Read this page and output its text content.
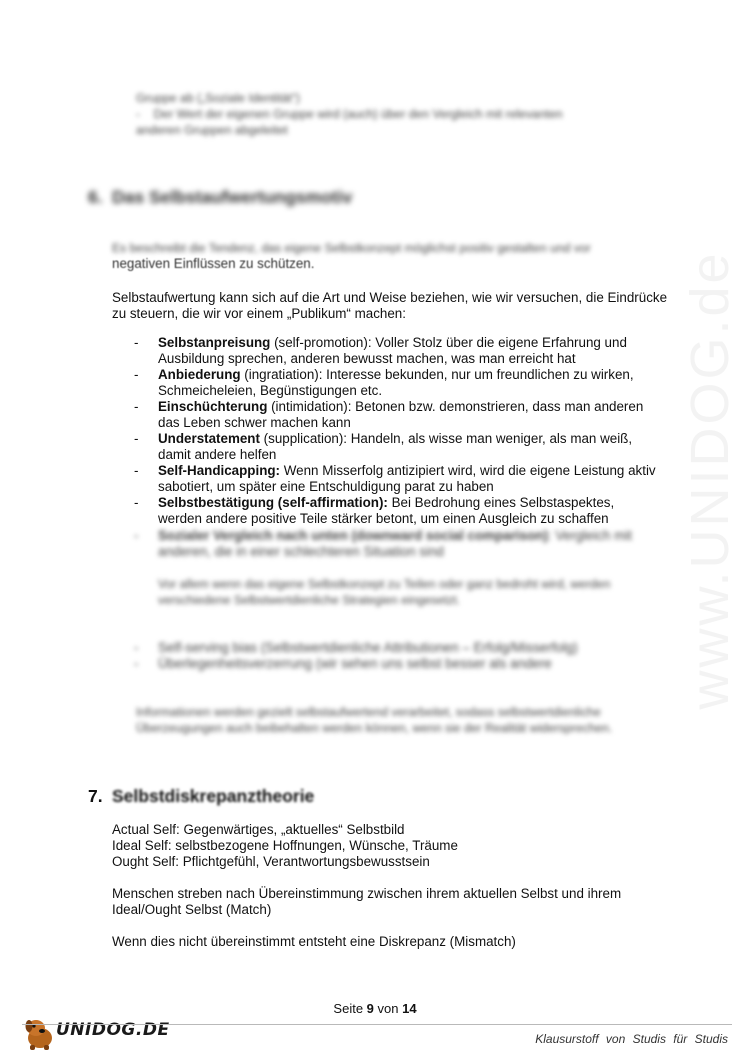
www.UNIDOG.de

Gruppe ab („Soziale Identität“)

- Der Wert der eigenen Gruppe wird (auch) über den Vergleich mit relevanten

anderen Gruppen abgeleitet

6. Das Selbstaufwertungsmotiv

Es beschreibt die Tendenz, das eigene Selbstkonzept möglichst positiv gestalten und vor

negativen Einflüssen zu schützen.

Selbstaufwertung kann sich auf die Art und Weise beziehen, wie wir versuchen, die Eindrücke zu steuern, die wir vor einem „Publikum“ machen:

- Selbstanpreisung (self-promotion): Voller Stolz über die eigene Erfahrung und Ausbildung sprechen, anderen bewusst machen, was man erreicht hat
- Anbiederung (ingratiation): Interesse bekunden, nur um freundlichen zu wirken, Schmeicheleien, Begünstigungen etc.
- Einschüchterung (intimidation): Betonen bzw. demonstrieren, dass man anderen das Leben schwer machen kann
- Understatement (supplication): Handeln, als wisse man weniger, als man weiß, damit andere helfen
- Self-Handicapping: Wenn Misserfolg antizipiert wird, wird die eigene Leistung aktiv sabotiert, um später eine Entschuldigung parat zu haben
- Selbstbestätigung (self-affirmation): Bei Bedrohung eines Selbstaspektes, werden andere positive Teile stärker betont, um einen Ausgleich zu schaffen
- Sozialer Vergleich nach unten (downward social comparison): Vergleich mit anderen, die in einer schlechteren Situation sind

Vor allem wenn das eigene Selbstkonzept zu Teilen oder ganz bedroht wird, werden verschiedene Selbstwertdienliche Strategien eingesetzt.

- Self-serving bias (Selbstwertdienliche Attributionen – Erfolg/Misserfolg)
- Überlegenheitsverzerrung (wir sehen uns selbst besser als andere

Informationen werden gezielt selbstaufwertend verarbeitet, sodass selbstwertdienliche Überzeugungen auch beibehalten werden können, wenn sie der Realität widersprechen.

7. Selbstdiskrepanztheorie

Actual Self: Gegenwärtiges, „aktuelles“ Selbstbild

Ideal Self: selbstbezogene Hoffnungen, Wünsche, Träume

Ought Self: Pflichtgefühl, Verantwortungsbewusstsein

Menschen streben nach Übereinstimmung zwischen ihrem aktuellen Selbst und ihrem Ideal/Ought Selbst (Match)

Wenn dies nicht übereinstimmt entsteht eine Diskrepanz (Mismatch)

Seite 9 von 14
UNIDOG.DE	Klausurstoff von Studis für Studis
